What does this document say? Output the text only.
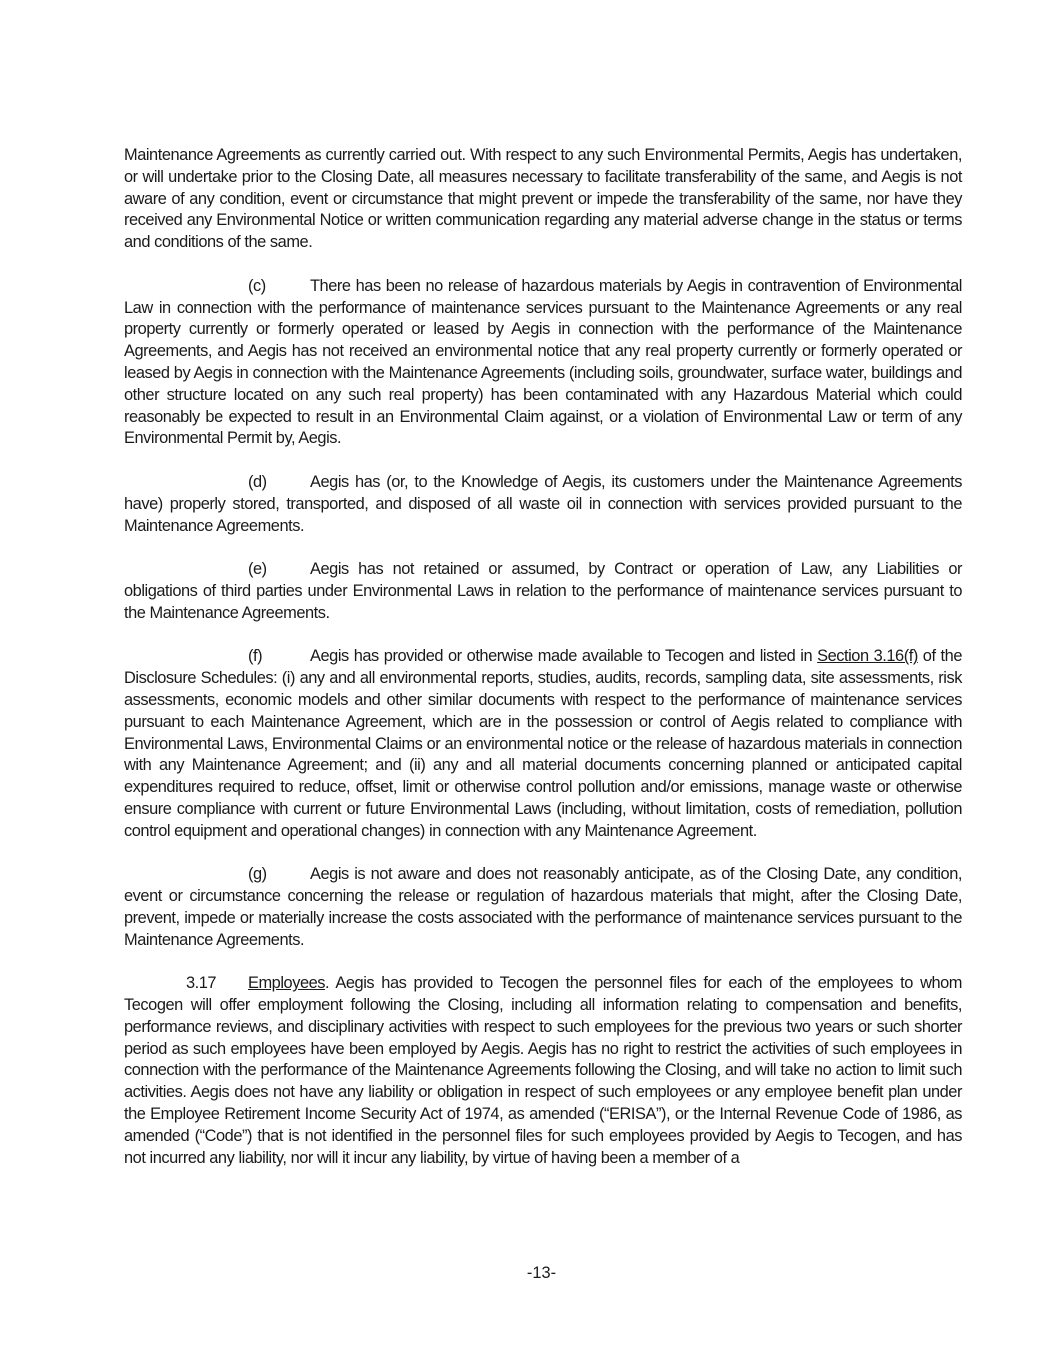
Maintenance Agreements as currently carried out. With respect to any such Environmental Permits, Aegis has undertaken, or will undertake prior to the Closing Date, all measures necessary to facilitate transferability of the same, and Aegis is not aware of any condition, event or circumstance that might prevent or impede the transferability of the same, nor have they received any Environmental Notice or written communication regarding any material adverse change in the status or terms and conditions of the same.

(c)	There has been no release of hazardous materials by Aegis in contravention of Environmental Law in connection with the performance of maintenance services pursuant to the Maintenance Agreements or any real property currently or formerly operated or leased by Aegis in connection with the performance of the Maintenance Agreements, and Aegis has not received an environmental notice that any real property currently or formerly operated or leased by Aegis in connection with the Maintenance Agreements (including soils, groundwater, surface water, buildings and other structure located on any such real property) has been contaminated with any Hazardous Material which could reasonably be expected to result in an Environmental Claim against, or a violation of Environmental Law or term of any Environmental Permit by, Aegis.

(d)	Aegis has (or, to the Knowledge of Aegis, its customers under the Maintenance Agreements have) properly stored, transported, and disposed of all waste oil in connection with services provided pursuant to the Maintenance Agreements.

(e)	Aegis has not retained or assumed, by Contract or operation of Law, any Liabilities or obligations of third parties under Environmental Laws in relation to the performance of maintenance services pursuant to the Maintenance Agreements.

(f)	Aegis has provided or otherwise made available to Tecogen and listed in Section 3.16(f) of the Disclosure Schedules: (i) any and all environmental reports, studies, audits, records, sampling data, site assessments, risk assessments, economic models and other similar documents with respect to the performance of maintenance services pursuant to each Maintenance Agreement, which are in the possession or control of Aegis related to compliance with Environmental Laws, Environmental Claims or an environmental notice or the release of hazardous materials in connection with any Maintenance Agreement; and (ii) any and all material documents concerning planned or anticipated capital expenditures required to reduce, offset, limit or otherwise control pollution and/or emissions, manage waste or otherwise ensure compliance with current or future Environmental Laws (including, without limitation, costs of remediation, pollution control equipment and operational changes) in connection with any Maintenance Agreement.

(g)	Aegis is not aware and does not reasonably anticipate, as of the Closing Date, any condition, event or circumstance concerning the release or regulation of hazardous materials that might, after the Closing Date, prevent, impede or materially increase the costs associated with the performance of maintenance services pursuant to the Maintenance Agreements.

3.17 Employees. Aegis has provided to Tecogen the personnel files for each of the employees to whom Tecogen will offer employment following the Closing, including all information relating to compensation and benefits, performance reviews, and disciplinary activities with respect to such employees for the previous two years or such shorter period as such employees have been employed by Aegis. Aegis has no right to restrict the activities of such employees in connection with the performance of the Maintenance Agreements following the Closing, and will take no action to limit such activities. Aegis does not have any liability or obligation in respect of such employees or any employee benefit plan under the Employee Retirement Income Security Act of 1974, as amended (“ERISA”), or the Internal Revenue Code of 1986, as amended (“Code”) that is not identified in the personnel files for such employees provided by Aegis to Tecogen, and has not incurred any liability, nor will it incur any liability, by virtue of having been a member of a

-13-
